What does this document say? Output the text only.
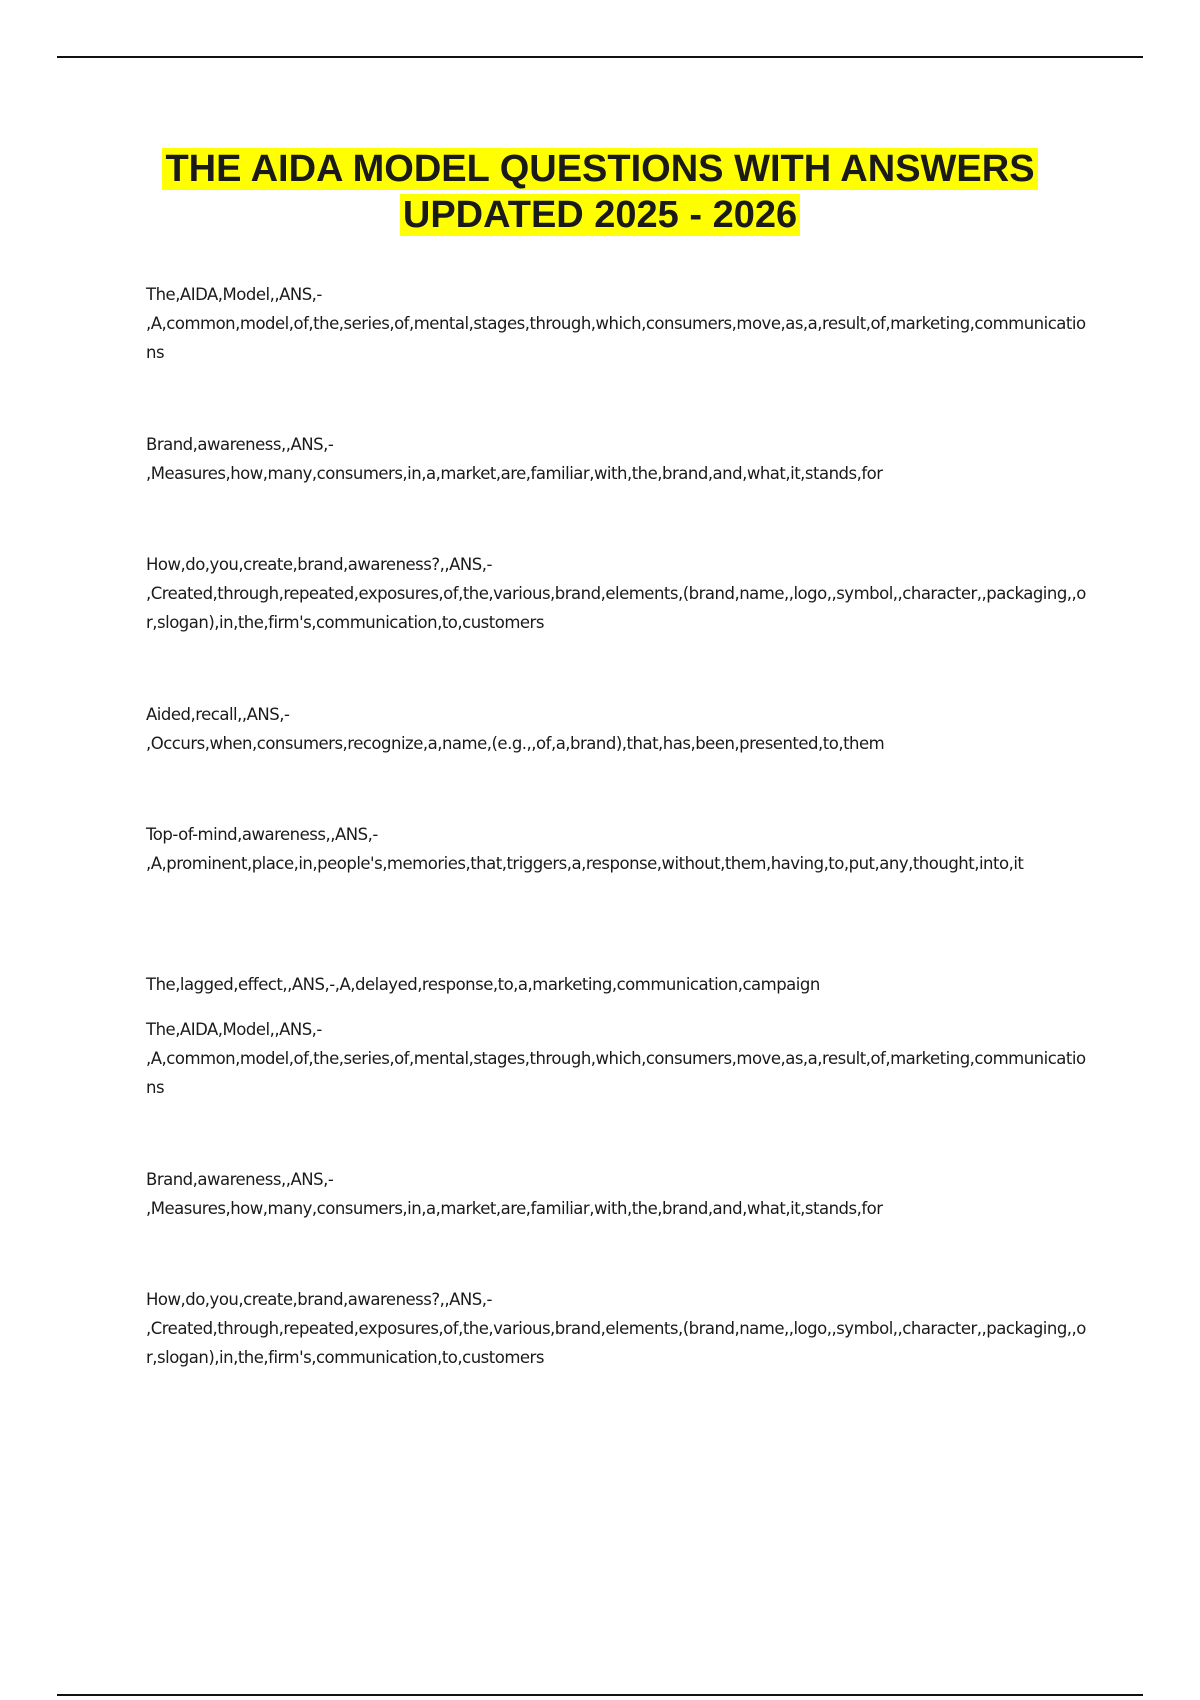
THE AIDA MODEL QUESTIONS WITH ANSWERS
UPDATED 2025 - 2026

The,AIDA,Model,,ANS,-
,A,common,model,of,the,series,of,mental,stages,through,which,consumers,move,as,a,result,of,marketing,communications

Brand,awareness,,ANS,-
,Measures,how,many,consumers,in,a,market,are,familiar,with,the,brand,and,what,it,stands,for

How,do,you,create,brand,awareness?,,ANS,-
,Created,through,repeated,exposures,of,the,various,brand,elements,(brand,name,,logo,,symbol,,character,,packaging,,or,slogan),in,the,firm's,communication,to,customers

Aided,recall,,ANS,-
,Occurs,when,consumers,recognize,a,name,(e.g.,,of,a,brand),that,has,been,presented,to,them

Top-of-mind,awareness,,ANS,-
,A,prominent,place,in,people's,memories,that,triggers,a,response,without,them,having,to,put,any,thought,into,it

The,lagged,effect,,ANS,-,A,delayed,response,to,a,marketing,communication,campaign

The,AIDA,Model,,ANS,-
,A,common,model,of,the,series,of,mental,stages,through,which,consumers,move,as,a,result,of,marketing,communications

Brand,awareness,,ANS,-
,Measures,how,many,consumers,in,a,market,are,familiar,with,the,brand,and,what,it,stands,for

How,do,you,create,brand,awareness?,,ANS,-
,Created,through,repeated,exposures,of,the,various,brand,elements,(brand,name,,logo,,symbol,,character,,packaging,,or,slogan),in,the,firm's,communication,to,customers
